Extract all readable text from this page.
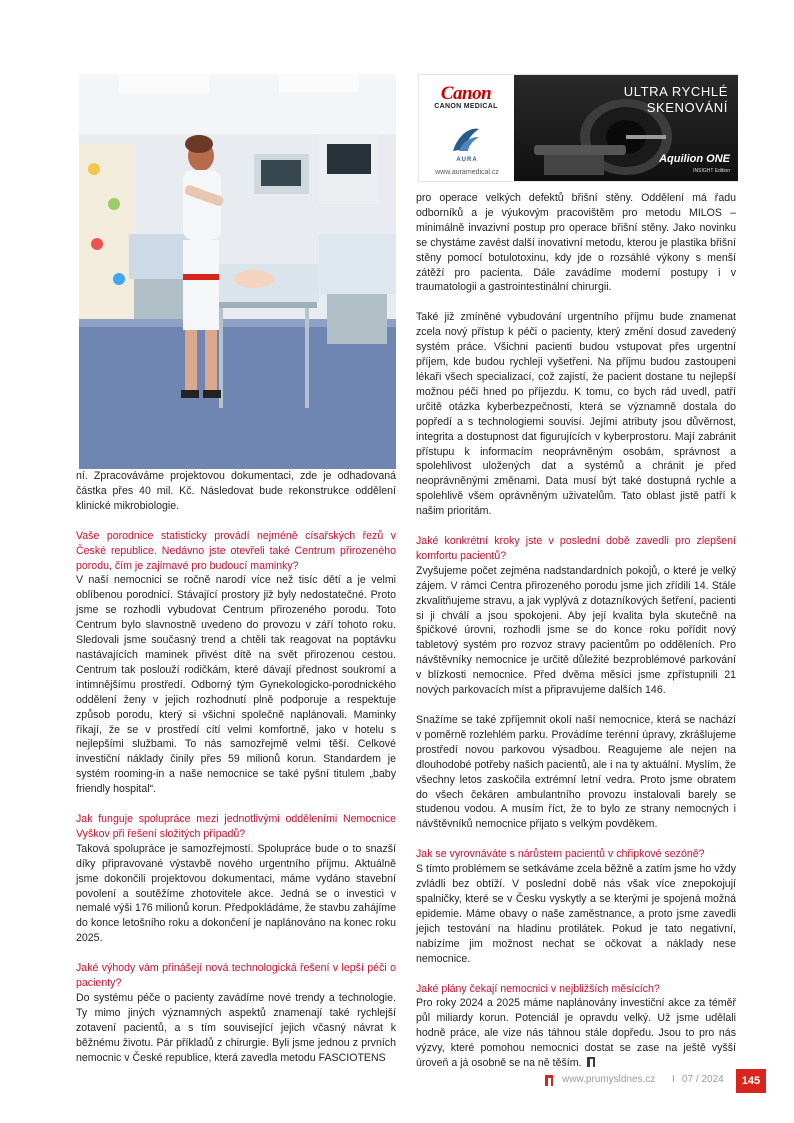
Canon
CANON MEDICAL
AURA
www.auramedical.cz
ULTRA RYCHLÉ
SKENOVÁNÍ
Aquilion ONE
INSIGHT Edition

ní. Zpracováváme projektovou dokumentaci, zde je odhadovaná částka přes 40 mil. Kč. Následovat bude rekonstrukce oddělení klinické mikrobiologie.

Vaše porodnice statisticky provádí nejméně císařských řezů v České republice. Nedávno jste otevřeli také Centrum přirozeného porodu, čím je zajímavé pro budoucí maminky?

V naší nemocnici se ročně narodí více než tisíc dětí a je velmi oblíbenou porodnicí. Stávající prostory již byly nedostatečné. Proto jsme se rozhodli vybudovat Centrum přirozeného porodu. Toto Centrum bylo slavnostně uvedeno do provozu v září tohoto roku. Sledovali jsme současný trend a chtěli tak reagovat na poptávku nastávajících maminek přivést dítě na svět přirozenou cestou. Centrum tak poslouží rodičkám, které dávají přednost soukromí a intimnějšímu prostředí. Odborný tým Gynekologicko-porodnického oddělení ženy v jejich rozhodnutí plně podporuje a respektuje způsob porodu, který si všichni společně naplánovali. Maminky říkají, že se v prostředí cítí velmi komfortně, jako v hotelu s nejlepšími službami. To nás samozřejmě velmi těší. Celkové investiční náklady činily přes 59 milionů korun. Standardem je systém rooming-in a naše nemocnice se také pyšní titulem „baby friendly hospital“.

Jak funguje spolupráce mezi jednotlivými odděleními Nemocnice Vyškov při řešení složitých případů?

Taková spolupráce je samozřejmostí. Spolupráce bude o to snazší díky připravované výstavbě nového urgentního příjmu. Aktuálně jsme dokončili projektovou dokumentaci, máme vydáno stavební povolení a soutěžíme zhotovitele akce. Jedná se o investici v nemalé výši 176 milionů korun. Předpokládáme, že stavbu zahájíme do konce letošního roku a dokončení je naplánováno na konec roku 2025.

Jaké výhody vám přinášejí nová technologická řešení v lepší péči o pacienty?

Do systému péče o pacienty zavádíme nové trendy a technologie. Ty mimo jiných významných aspektů znamenají také rychlejší zotavení pacientů, a s tím související jejich včasný návrat k běžnému životu. Pár příkladů z chirurgie. Byli jsme jednou z prvních nemocnic v České republice, která zavedla metodu FASCIOTENS

pro operace velkých defektů břišní stěny. Oddělení má řadu odborníků a je výukovým pracovištěm pro metodu MILOS – minimálně invazivní postup pro operace břišní stěny. Jako novinku se chystáme zavést další inovativní metodu, kterou je plastika břišní stěny pomocí botulotoxinu, kdy jde o rozsáhlé výkony s menší zátěží pro pacienta. Dále zavádíme moderní postupy i v traumatologii a gastrointestinální chirurgii.

Také již zmíněné vybudování urgentního příjmu bude znamenat zcela nový přístup k péči o pacienty, který změní dosud zavedený systém práce. Všichni pacienti budou vstupovat přes urgentní příjem, kde budou rychleji vyšetřeni. Na příjmu budou zastoupeni lékaři všech specializací, což zajistí, že pacient dostane tu nejlepší možnou péči hned po příjezdu. K tomu, co bych rád uvedl, patří určitě otázka kyberbezpečnosti, která se významně dostala do popředí a s technologiemi souvisí. Jejími atributy jsou důvěrnost, integrita a dostupnost dat figurujících v kyberprostoru. Mají zabránit přístupu k informacím neoprávněným osobám, správnost a spolehlivost uložených dat a systémů a chránit je před neoprávněnými změnami. Data musí být také dostupná rychle a spolehlivě všem oprávněným uživatelům. Tato oblast jistě patří k našim prioritám.

Jaké konkrétní kroky jste v poslední době zavedli pro zlepšení komfortu pacientů?

Zvyšujeme počet zejména nadstandardních pokojů, o které je velký zájem. V rámci Centra přirozeného porodu jsme jich zřídili 14. Stále zkvalitňujeme stravu, a jak vyplývá z dotazníkových šetření, pacienti si ji chválí a jsou spokojeni. Aby její kvalita byla skutečně na špičkové úrovni, rozhodli jsme se do konce roku pořídit nový tabletový systém pro rozvoz stravy pacientům po odděleních. Pro návštěvníky nemocnice je určitě důležité bezproblémové parkování v blízkosti nemocnice. Před dvěma měsíci jsme zpřístupnili 21 nových parkovacích míst a připravujeme dalších 146.

Snažíme se také zpříjemnit okolí naší nemocnice, která se nachází v poměrně rozlehlém parku. Provádíme terénní úpravy, zkrášlujeme prostředí novou parkovou výsadbou. Reagujeme ale nejen na dlouhodobé potřeby našich pacientů, ale i na ty aktuální. Myslím, že všechny letos zaskočila extrémní letní vedra. Proto jsme obratem do všech čekáren ambulantního provozu instalovali barely se studenou vodou. A musím říct, že to bylo ze strany nemocných i návštěvníků nemocnice přijato s velkým povděkem.

Jak se vyrovnáváte s nárůstem pacientů v chřipkové sezóně?

S tímto problémem se setkáváme zcela běžně a zatím jsme ho vždy zvládli bez obtíží. V poslední době nás však více znepokojují spalničky, které se v Česku vyskytly a se kterými je spojená možná epidemie. Máme obavy o naše zaměstnance, a proto jsme zavedli jejich testování na hladinu protilátek. Pokud je tato negativní, nabízíme jim možnost nechat se očkovat a náklady nese nemocnice.

Jaké plány čekají nemocnici v nejbližších měsících?

Pro roky 2024 a 2025 máme naplánovány investiční akce za téměř půl miliardy korun. Potenciál je opravdu velký. Už jsme udělali hodně práce, ale vize nás táhnou stále dopředu. Jsou to pro nás výzvy, které pomohou nemocnici dostat se zase na ještě vyšší úroveň a já osobně se na ně těším.

www.prumysldnes.cz I 07 / 2024	145
